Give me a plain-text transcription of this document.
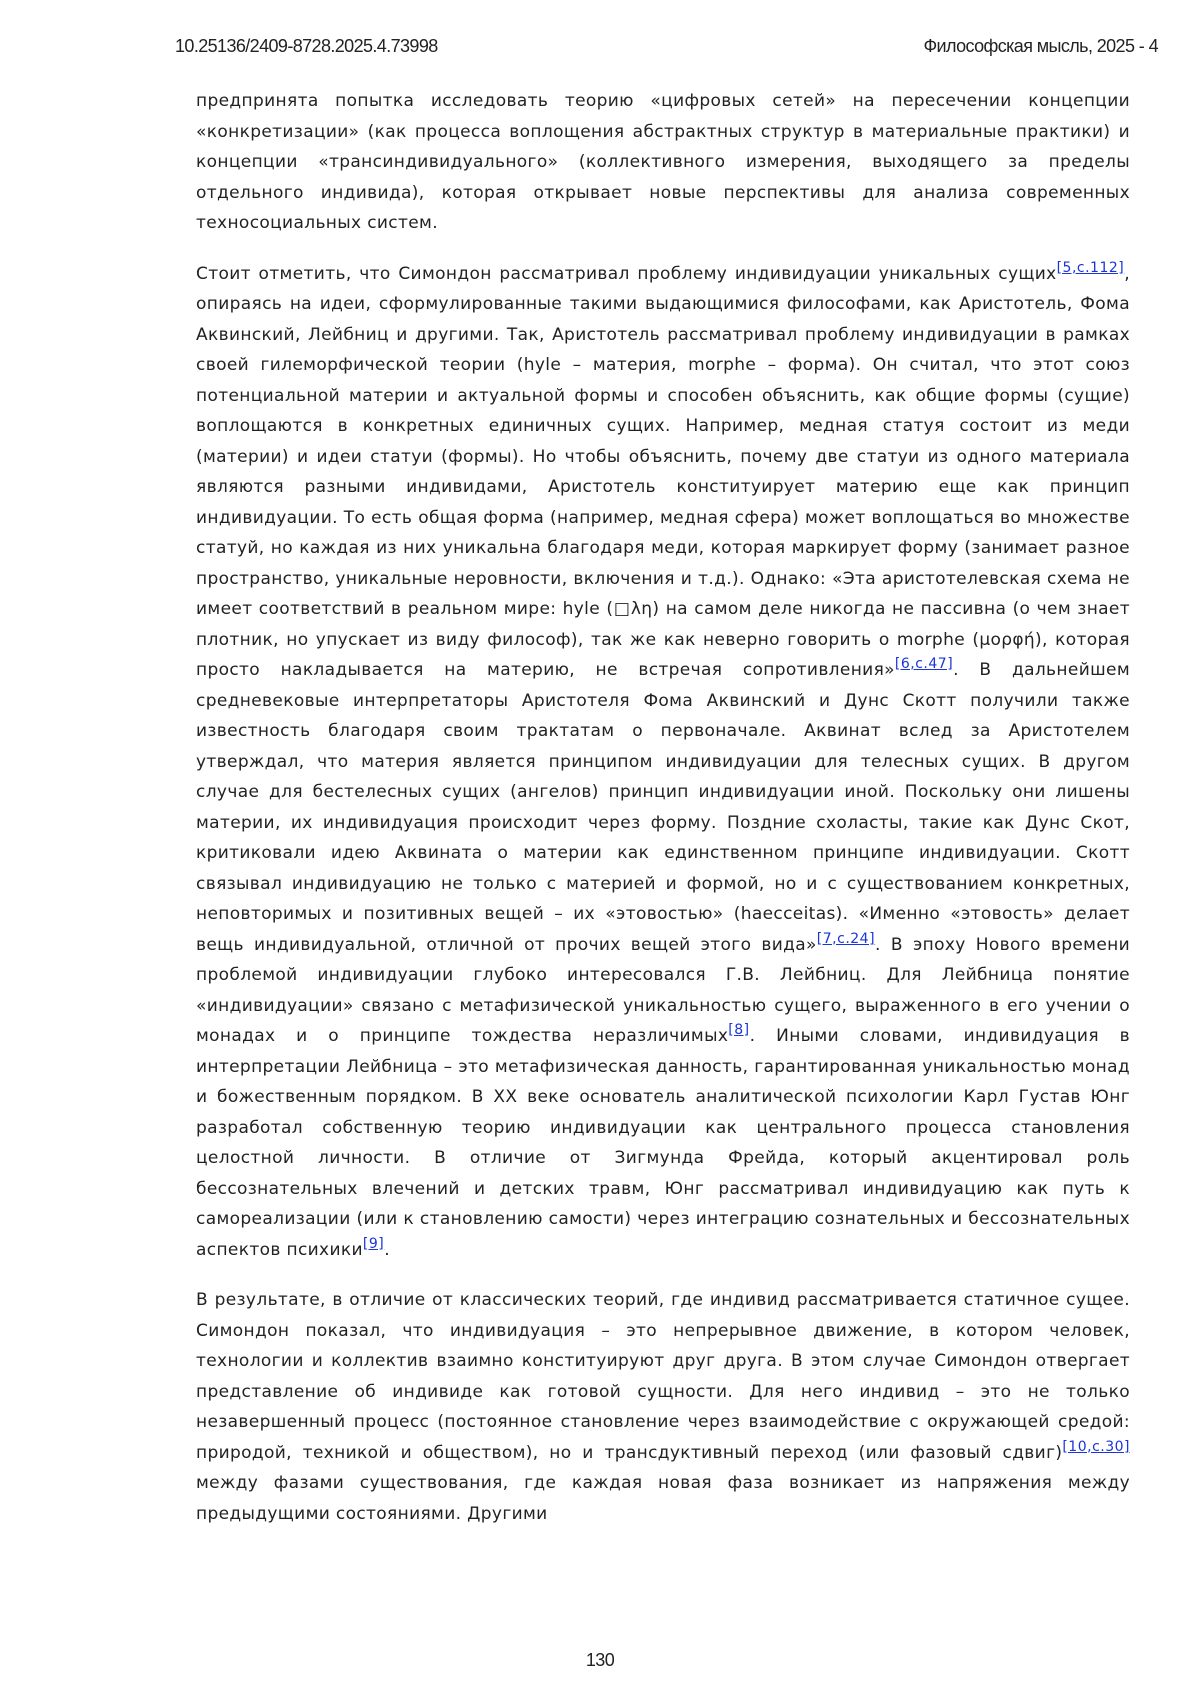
10.25136/2409-8728.2025.4.73998	Философская мысль, 2025 - 4

предпринята попытка исследовать теорию «цифровых сетей» на пересечении концепции «конкретизации» (как процесса воплощения абстрактных структур в материальные практики) и концепции «трансиндивидуального» (коллективного измерения, выходящего за пределы отдельного индивида), которая открывает новые перспективы для анализа современных техносоциальных систем.

Стоит отметить, что Симондон рассматривал проблему индивидуации уникальных сущих[5,c.112], опираясь на идеи, сформулированные такими выдающимися философами, как Аристотель, Фома Аквинский, Лейбниц и другими. Так, Аристотель рассматривал проблему индивидуации в рамках своей гилеморфической теории (hyle – материя, morphe – форма). Он считал, что этот союз потенциальной материи и актуальной формы и способен объяснить, как общие формы (сущие) воплощаются в конкретных единичных сущих. Например, медная статуя состоит из меди (материи) и идеи статуи (формы). Но чтобы объяснить, почему две статуи из одного материала являются разными индивидами, Аристотель конституирует материю еще как принцип индивидуации. То есть общая форма (например, медная сфера) может воплощаться во множестве статуй, но каждая из них уникальна благодаря меди, которая маркирует форму (занимает разное пространство, уникальные неровности, включения и т.д.). Однако: «Эта аристотелевская схема не имеет соответствий в реальном мире: hyle (□λη) на самом деле никогда не пассивна (о чем знает плотник, но упускает из виду философ), так же как неверно говорить о morphe (μορφή), которая просто накладывается на материю, не встречая сопротивления»[6,c.47]. В дальнейшем средневековые интерпретаторы Аристотеля Фома Аквинский и Дунс Скотт получили также известность благодаря своим трактатам о первоначале. Аквинат вслед за Аристотелем утверждал, что материя является принципом индивидуации для телесных сущих. В другом случае для бестелесных сущих (ангелов) принцип индивидуации иной. Поскольку они лишены материи, их индивидуация происходит через форму. Поздние схоласты, такие как Дунс Скот, критиковали идею Аквината о материи как единственном принципе индивидуации. Скотт связывал индивидуацию не только с материей и формой, но и с существованием конкретных, неповторимых и позитивных вещей – их «этовостью» (haecceitas). «Именно «этовость» делает вещь индивидуальной, отличной от прочих вещей этого вида»[7,c.24]. В эпоху Нового времени проблемой индивидуации глубоко интересовался Г.В. Лейбниц. Для Лейбница понятие «индивидуации» связано с метафизической уникальностью сущего, выраженного в его учении о монадах и о принципе тождества неразличимых[8]. Иными словами, индивидуация в интерпретации Лейбница – это метафизическая данность, гарантированная уникальностью монад и божественным порядком. В XX веке основатель аналитической психологии Карл Густав Юнг разработал собственную теорию индивидуации как центрального процесса становления целостной личности. В отличие от Зигмунда Фрейда, который акцентировал роль бессознательных влечений и детских травм, Юнг рассматривал индивидуацию как путь к самореализации (или к становлению самости) через интеграцию сознательных и бессознательных аспектов психики[9].

В результате, в отличие от классических теорий, где индивид рассматривается статичное сущее. Симондон показал, что индивидуация – это непрерывное движение, в котором человек, технологии и коллектив взаимно конституируют друг друга. В этом случае Симондон отвергает представление об индивиде как готовой сущности. Для него индивид – это не только незавершенный процесс (постоянное становление через взаимодействие с окружающей средой: природой, техникой и обществом), но и трансдуктивный переход (или фазовый сдвиг)[10,c.30] между фазами существования, где каждая новая фаза возникает из напряжения между предыдущими состояниями. Другими

130
